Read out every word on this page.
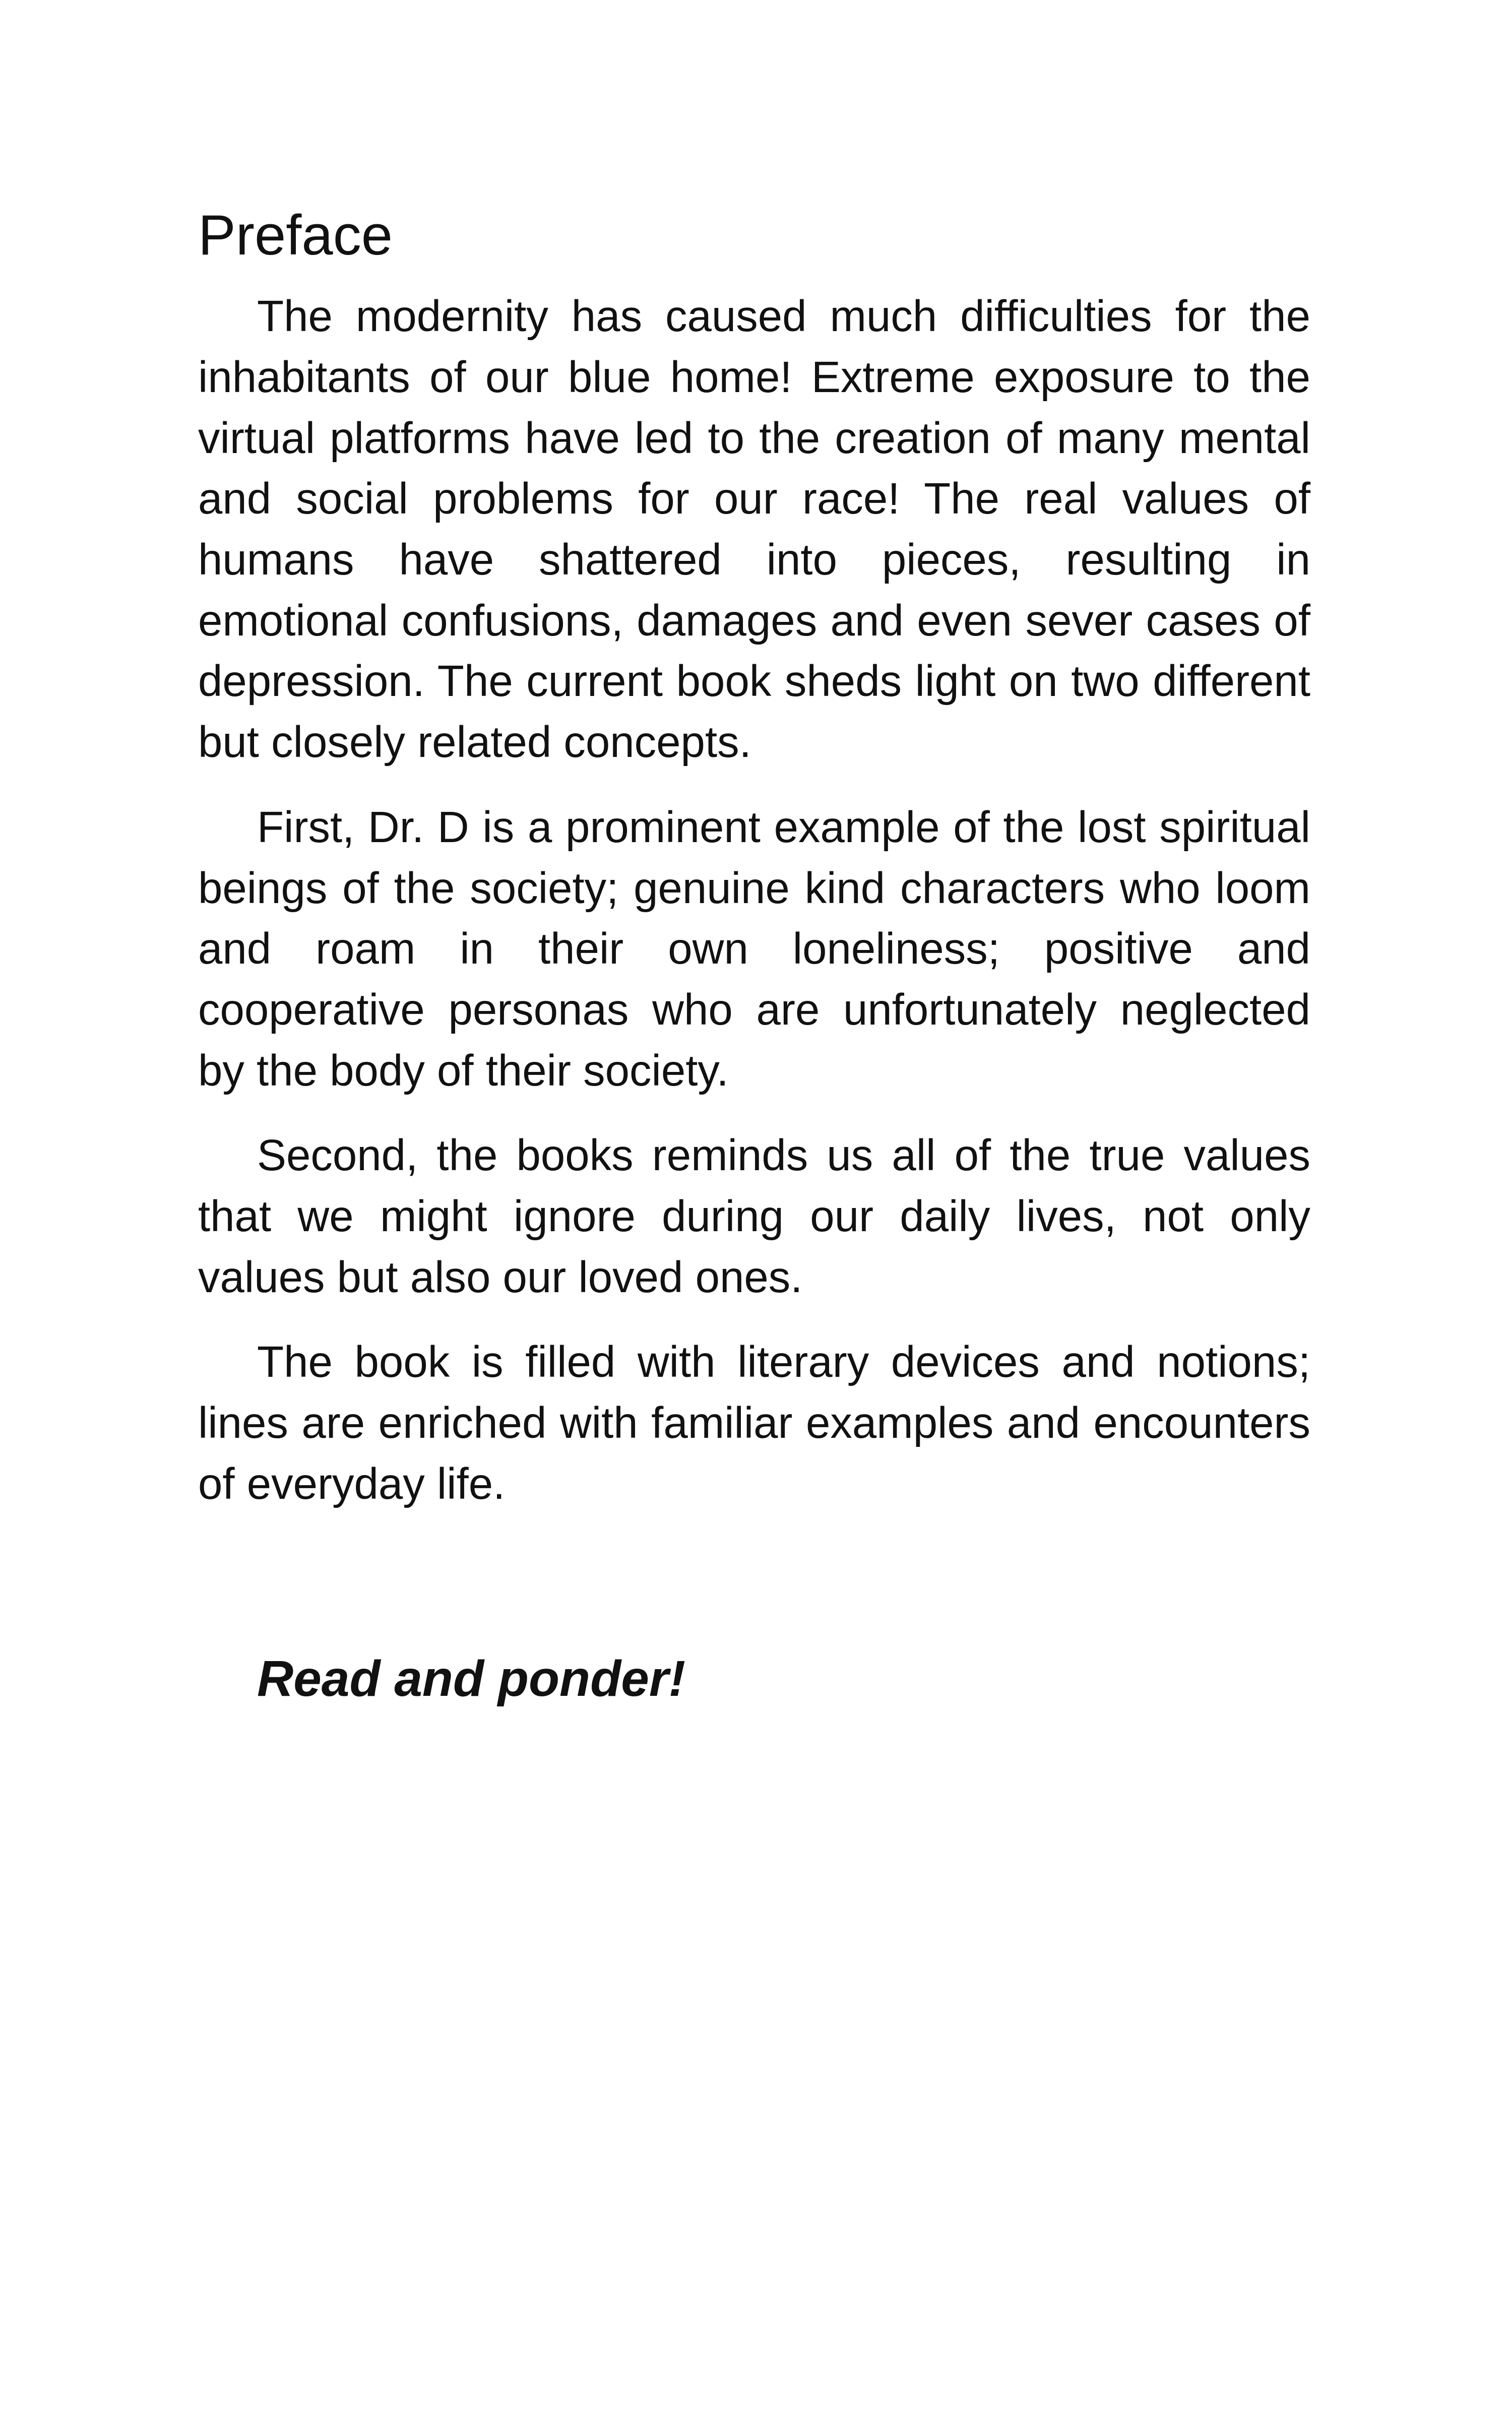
Preface

The modernity has caused much difficulties for the inhabitants of our blue home! Extreme exposure to the virtual platforms have led to the creation of many mental and social problems for our race! The real values of humans have shattered into pieces, resulting in emotional confusions, damages and even sever cases of depression. The current book sheds light on two different but closely related concepts.

First, Dr. D is a prominent example of the lost spiritual beings of the society; genuine kind characters who loom and roam in their own loneliness; positive and cooperative personas who are unfortunately neglected by the body of their society.

Second, the books reminds us all of the true values that we might ignore during our daily lives, not only values but also our loved ones.

The book is filled with literary devices and notions; lines are enriched with familiar examples and encounters of everyday life.

Read and ponder!
